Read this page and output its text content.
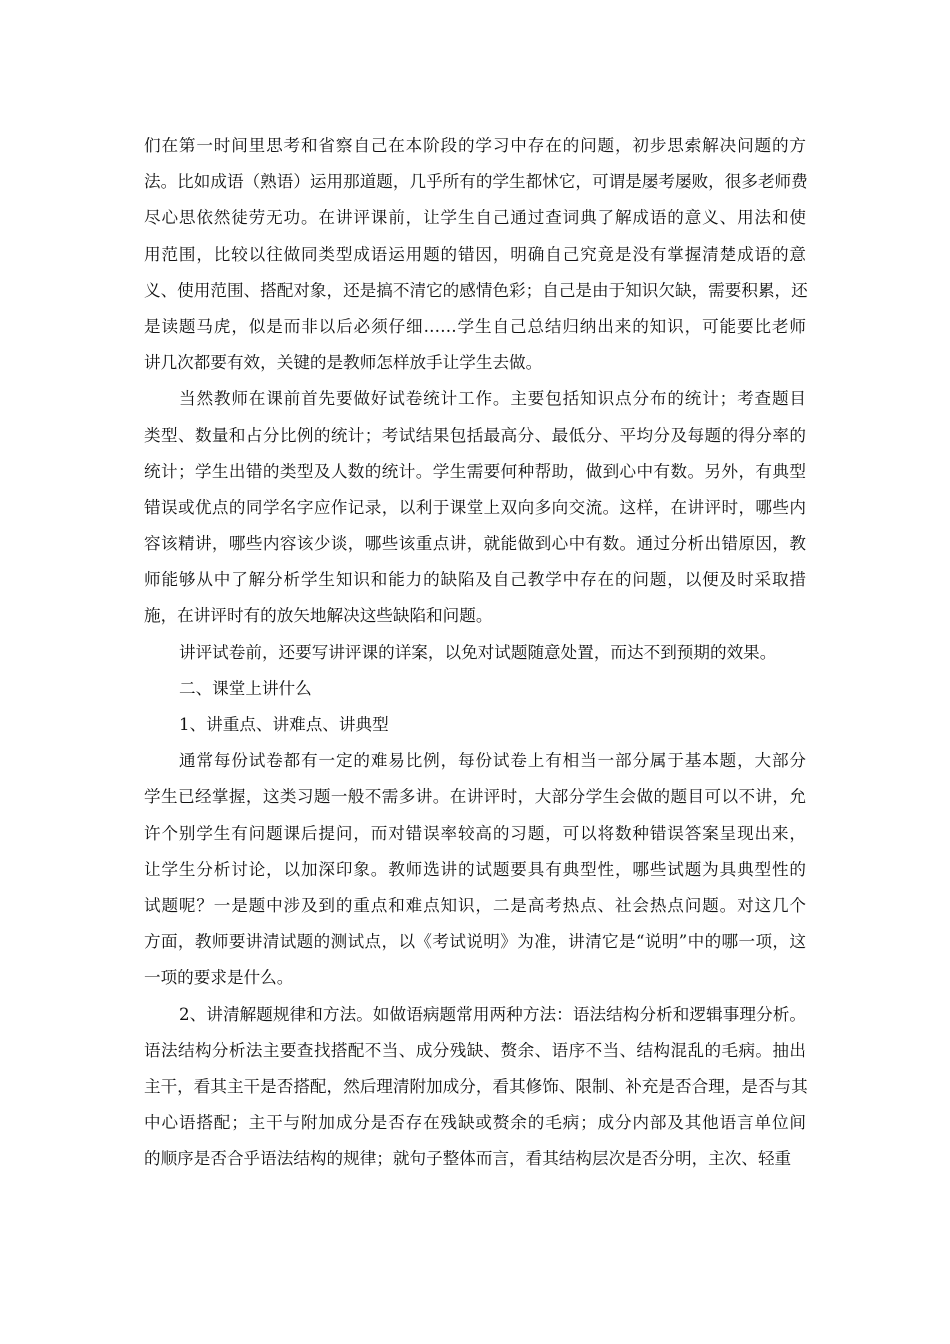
们在第一时间里思考和省察自己在本阶段的学习中存在的问题，初步思索解决问题的方
法。比如成语（熟语）运用那道题，几乎所有的学生都怵它，可谓是屡考屡败，很多老师费
尽心思依然徒劳无功。在讲评课前，让学生自己通过查词典了解成语的意义、用法和使
用范围，比较以往做同类型成语运用题的错因，明确自己究竟是没有掌握清楚成语的意
义、使用范围、搭配对象，还是搞不清它的感情色彩；自己是由于知识欠缺，需要积累，还
是读题马虎，似是而非以后必须仔细……学生自己总结归纳出来的知识，可能要比老师
讲几次都要有效，关键的是教师怎样放手让学生去做。
当然教师在课前首先要做好试卷统计工作。主要包括知识点分布的统计；考查题目
类型、数量和占分比例的统计；考试结果包括最高分、最低分、平均分及每题的得分率的
统计；学生出错的类型及人数的统计。学生需要何种帮助，做到心中有数。另外，有典型
错误或优点的同学名字应作记录，以利于课堂上双向多向交流。这样，在讲评时，哪些内
容该精讲，哪些内容该少谈，哪些该重点讲，就能做到心中有数。通过分析出错原因，教
师能够从中了解分析学生知识和能力的缺陷及自己教学中存在的问题，以便及时采取措
施，在讲评时有的放矢地解决这些缺陷和问题。
讲评试卷前，还要写讲评课的详案，以免对试题随意处置，而达不到预期的效果。
二、课堂上讲什么
1、讲重点、讲难点、讲典型
通常每份试卷都有一定的难易比例，每份试卷上有相当一部分属于基本题，大部分
学生已经掌握，这类习题一般不需多讲。在讲评时，大部分学生会做的题目可以不讲，允
许个别学生有问题课后提问，而对错误率较高的习题，可以将数种错误答案呈现出来，
让学生分析讨论，以加深印象。教师选讲的试题要具有典型性，哪些试题为具典型性的
试题呢？一是题中涉及到的重点和难点知识，二是高考热点、社会热点问题。对这几个
方面，教师要讲清试题的测试点，以《考试说明》为准，讲清它是“说明”中的哪一项，这
一项的要求是什么。
2、讲清解题规律和方法。如做语病题常用两种方法：语法结构分析和逻辑事理分析。
语法结构分析法主要查找搭配不当、成分残缺、赘余、语序不当、结构混乱的毛病。抽出
主干，看其主干是否搭配，然后理清附加成分，看其修饰、限制、补充是否合理，是否与其
中心语搭配；主干与附加成分是否存在残缺或赘余的毛病；成分内部及其他语言单位间
的顺序是否合乎语法结构的规律；就句子整体而言，看其结构层次是否分明，主次、轻重
